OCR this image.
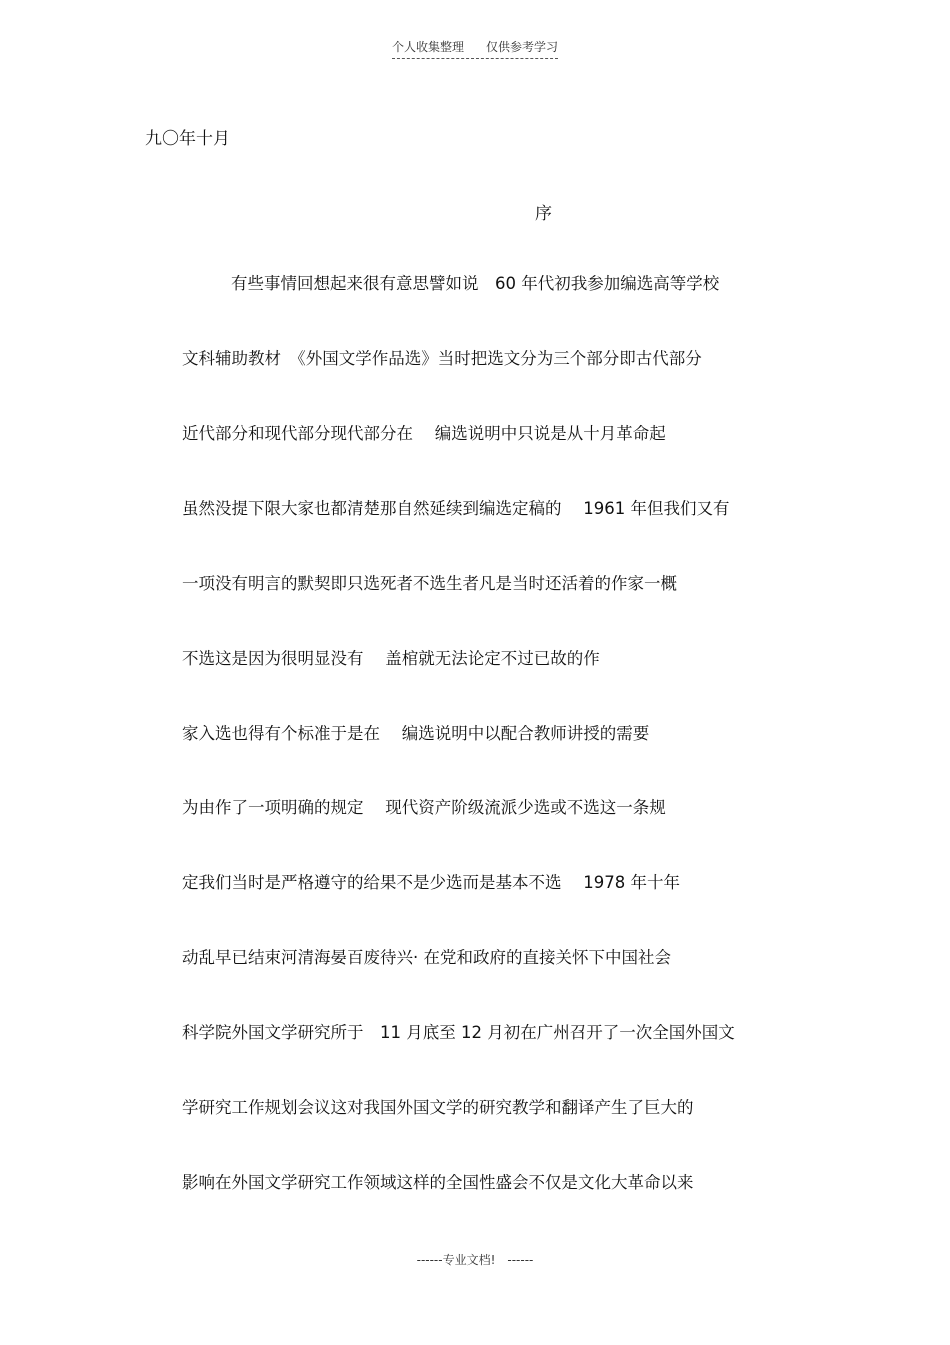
个人收集整理 仅供参考学习
九〇年十月
序
有些事情回想起来很有意思譬如说　60 年代初我参加编选高等学校
文科辅助教材　《外国文学作品选》当时把选文分为三个部分即古代部分
近代部分和现代部分现代部分在　 编选说明中只说是从十月革命起
虽然没提下限大家也都清楚那自然延续到编选定稿的　 1961 年但我们又有
一项没有明言的默契即只选死者不选生者凡是当时还活着的作家一概
不选这是因为很明显没有　 盖棺就无法论定不过已故的作
家入选也得有个标准于是在　 编选说明中以配合教师讲授的需要
为由作了一项明确的规定　 现代资产阶级流派少选或不选这一条规
定我们当时是严格遵守的给果不是少选而是基本不选　 1978 年十年
动乱早已结束河清海晏百废待兴· 在党和政府的直接关怀下中国社会
科学院外国文学研究所于　11 月底至 12 月初在广州召开了一次全国外国文
学研究工作规划会议这对我国外国文学的研究教学和翻译产生了巨大的
影响在外国文学研究工作领域这样的全国性盛会不仅是文化大革命以来
------专业文档!　------
